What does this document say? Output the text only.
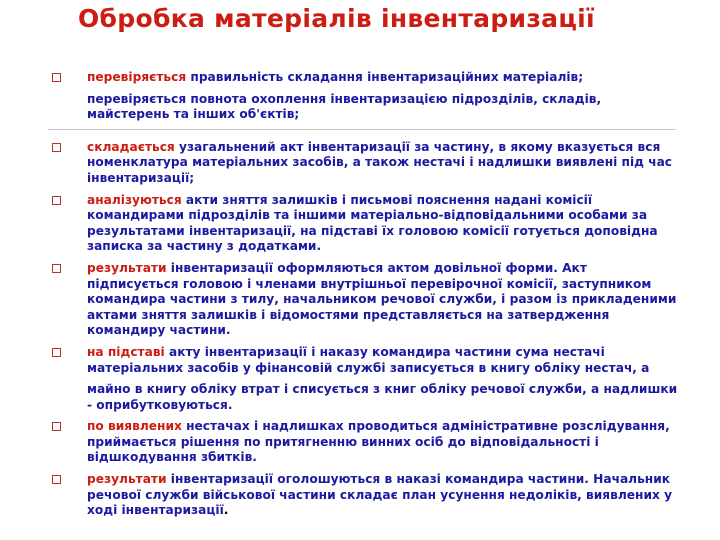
Обробка матеріалів інвентаризації
перевіряється правильність складання інвентаризаційних матеріалів;
перевіряється повнота охоплення інвентаризацією підрозділів, складів, майстерень та інших об'єктів;
складається узагальнений акт інвентаризації за частину, в якому вказується вся номенклатура матеріальних засобів, а також нестачі і надлишки виявлені під час інвентаризації;
аналізуються акти зняття залишків і письмові пояснення надані комісії командирами підрозділів та іншими матеріально-відповідальними особами за результатами інвентаризації, на підставі їх головою комісії готується доповідна записка за частину з додатками.
результати інвентаризації оформляються актом довільної форми. Акт підписується головою і членами внутрішньої перевірочної комісії, заступником командира частини з тилу, начальником речової служби, і разом із прикладеними актами зняття залишків і відомостями представляється на затвердження командиру частини.
на підставі акту інвентаризації і наказу командира частини сума нестачі матеріальних засобів у фінансовій службі записується в книгу обліку нестач, а
майно в книгу обліку втрат і списується з книг обліку речової служби, а надлишки - оприбутковуються.
по виявлених нестачах і надлишках проводиться адміністративне розслідування, приймається рішення по притягненню винних осіб до відповідальності і відшкодування збитків.
результати інвентаризації оголошуються в наказі командира частини. Начальник речової служби військової частини складає план усунення недоліків, виявлених у ході інвентаризації.
